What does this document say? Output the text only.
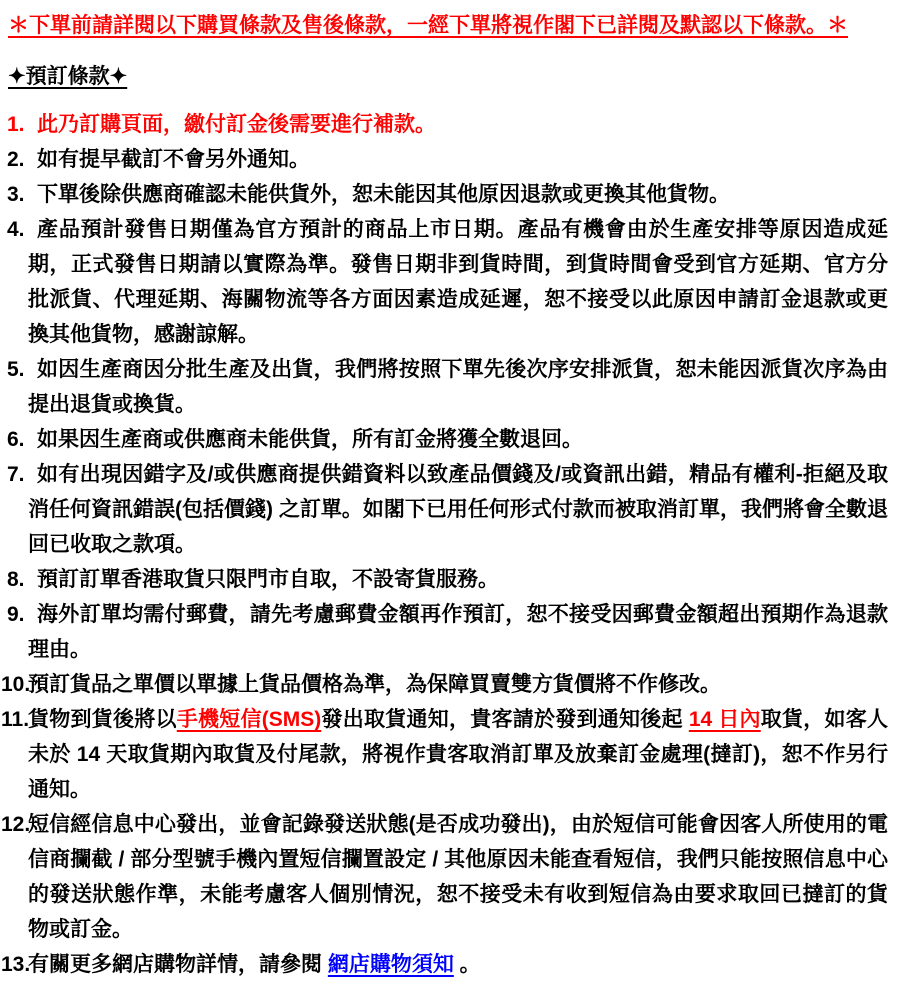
＊下單前請詳閱以下購買條款及售後條款，一經下單將視作閣下已詳閱及默認以下條款。＊
✦預訂條款✦
1. 此乃訂購頁面，繳付訂金後需要進行補款。
2. 如有提早截訂不會另外通知。
3. 下單後除供應商確認未能供貨外，恕未能因其他原因退款或更換其他貨物。
4. 產品預計發售日期僅為官方預計的商品上市日期。產品有機會由於生產安排等原因造成延期，正式發售日期請以實際為準。發售日期非到貨時間，到貨時間會受到官方延期、官方分批派貨、代理延期、海關物流等各方面因素造成延遲，恕不接受以此原因申請訂金退款或更換其他貨物，感謝諒解。
5. 如因生產商因分批生產及出貨，我們將按照下單先後次序安排派貨，恕未能因派貨次序為由提出退貨或換貨。
6. 如果因生產商或供應商未能供貨，所有訂金將獲全數退回。
7. 如有出現因錯字及/或供應商提供錯資料以致產品價錢及/或資訊出錯，精品有權利-拒絕及取消任何資訊錯誤(包括價錢) 之訂單。如閣下已用任何形式付款而被取消訂單，我們將會全數退回已收取之款項。
8. 預訂訂單香港取貨只限門市自取，不設寄貨服務。
9. 海外訂單均需付郵費，請先考慮郵費金額再作預訂，恕不接受因郵費金額超出預期作為退款理由。
10.
預訂貨品之單價以單據上貨品價格為準，為保障買賣雙方貨價將不作修改。
11.
貨物到貨後將以手機短信(SMS)發出取貨通知，貴客請於發到通知後起 14 日內取貨，如客人未於 14 天取貨期內取貨及付尾款，將視作貴客取消訂單及放棄訂金處理(撻訂)，恕不作另行通知。
12.
短信經信息中心發出，並會記錄發送狀態(是否成功發出)，由於短信可能會因客人所使用的電信商攔截 / 部分型號手機內置短信攔置設定 / 其他原因未能查看短信，我們只能按照信息中心的發送狀態作準，未能考慮客人個別情況，恕不接受未有收到短信為由要求取回已撻訂的貨物或訂金。
13.
有關更多網店購物詳情，請參閱 網店購物須知 。
